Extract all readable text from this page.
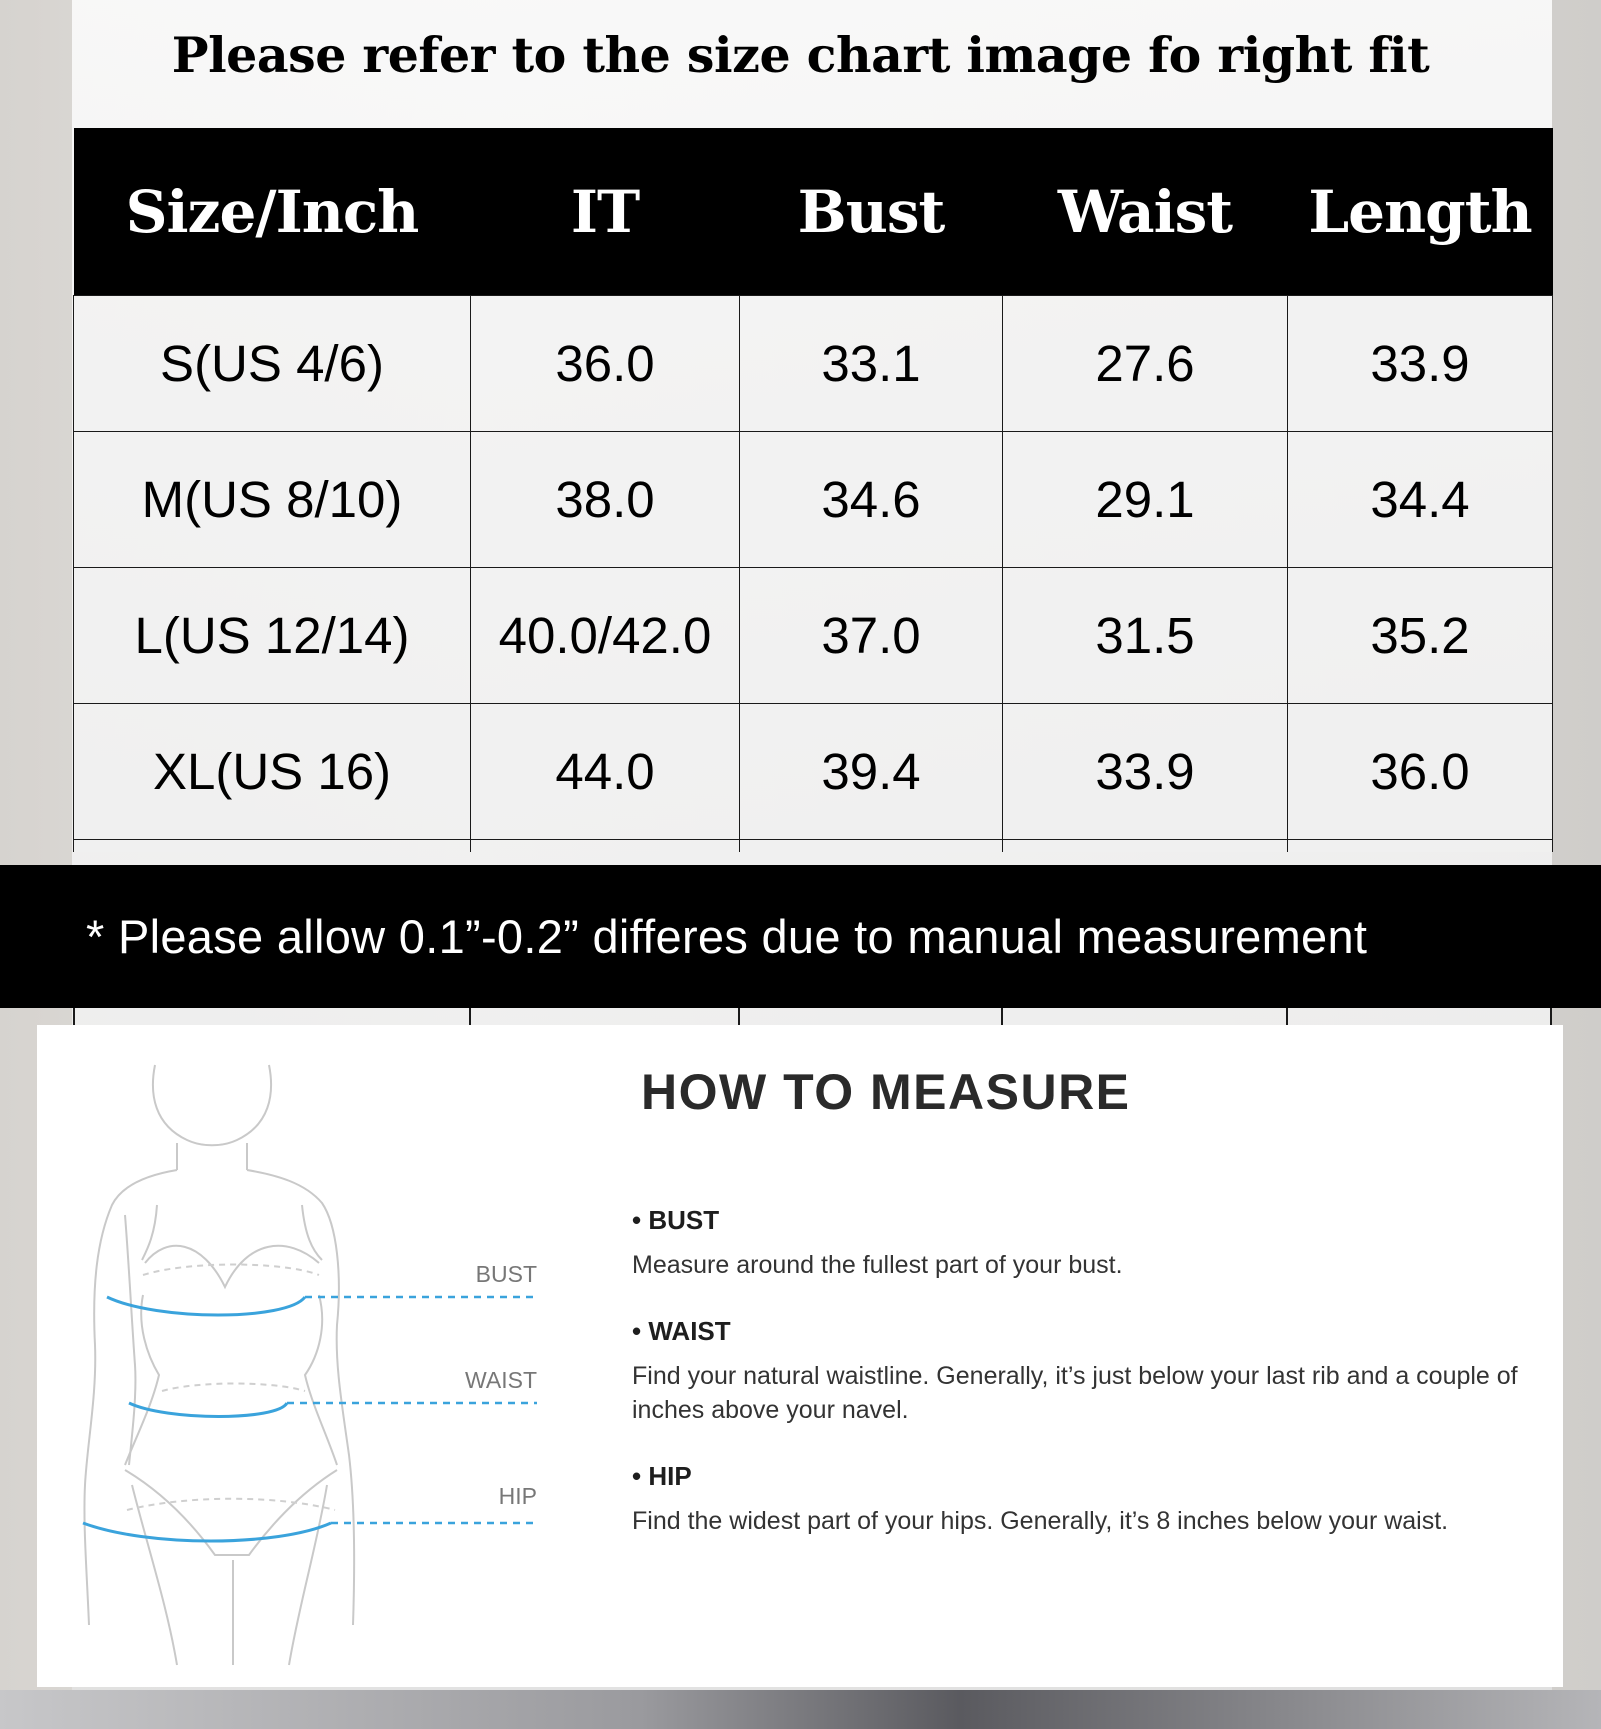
Please refer to the size chart image fo right fit
Size/Inch	IT	Bust	Waist	Length
S(US 4/6)	36.0	33.1	27.6	33.9
M(US 8/10)	38.0	34.6	29.1	34.4
L(US 12/14)	40.0/42.0	37.0	31.5	35.2
XL(US 16)	44.0	39.4	33.9	36.0

* Please allow 0.1”-0.2” differes due to manual measurement
BUST
WAIST
HIP
HOW TO MEASURE

• BUST

Measure around the fullest part of your bust.

• WAIST

Find your natural waistline. Generally, it’s just below your last rib and a couple of inches above your navel.

• HIP

Find the widest part of your hips. Generally, it’s 8 inches below your waist.
